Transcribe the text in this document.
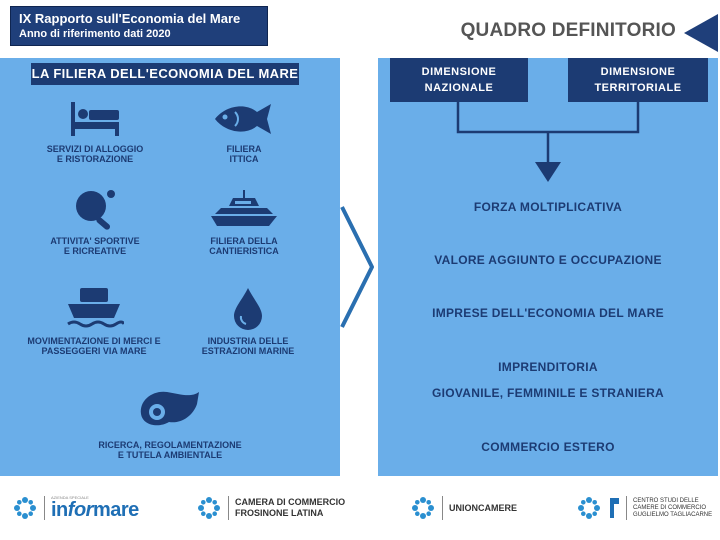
IX Rapporto sull'Economia del Mare
Anno di riferimento dati 2020	QUADRO DEFINITORIO
LA FILIERA DELL'ECONOMIA DEL MARE
SERVIZI DI ALLOGGIO
E RISTORAZIONE
FILIERA
ITTICA
ATTIVITA' SPORTIVE
E RICREATIVE
FILIERA DELLA
CANTIERISTICA
MOVIMENTAZIONE DI MERCI E
PASSEGGERI VIA MARE
INDUSTRIA DELLE
ESTRAZIONI MARINE
RICERCA, REGOLAMENTAZIONE
E TUTELA AMBIENTALE
DIMENSIONE
NAZIONALE
DIMENSIONE
TERRITORIALE
FORZA MOLTIPLICATIVA
VALORE AGGIUNTO E OCCUPAZIONE
IMPRESE DELL'ECONOMIA DEL MARE
IMPRENDITORIA
GIOVANILE, FEMMINILE E STRANIERA
COMMERCIO ESTERO
AZIENDA SPECIALE
informare	CAMERA DI COMMERCIO
FROSINONE LATINA	UNIONCAMERE
CENTRO STUDI DELLE
CAMERE DI COMMERCIO
GUGLIELMO TAGLIACARNE
